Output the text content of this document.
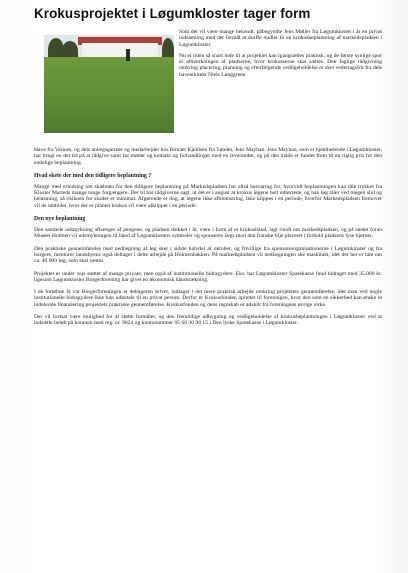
Krokusprojektet i Løgumkloster tager form

Som det vil være mange bekendt, påbegyndte Jens Møller fra Løgumkloster i år en privat indsamling med det formål at skaffe midler til en krokusbeplantning af markedspladsen i Løgumkloster.

Nu er tiden så snart inde til at projektet kan igangsættes praktisk, og de første synlige spor er afmærkningen af pladserne, hvor krokusserne skal sættes. Den faglige rådgivning omkring placering, planning og efterfølgende vedligeholdelse er sket vederlagsfrit fra dels havearkitekt Niels Lønggreen

Have fra Varnæs, og dels anlægsgartner og medarbejder hos firmaet Kjeldsen fra Tønder, Jens Mayhan. Jens Mayhan, som er hjemhørende i Løgumkloster, har brugt en del tid på at rådgive samt for møder og kontakt og forhandlinger med en leverandør, og på den måde er fundet frem til en rigtig pris for den endelige beplantning.

Hvad skete der med den tidligere beplantning ?

Mange med erindring om skæbnen for den tidligere beplantning på Markedspladsen har altså besvaring for, hvorvidt beplantningen kan tåle trykket fra Kloster Marteds mange tunge forgængere. Der til har rådgiverne sagt, at det er i august at krokus løgene helt udtørrede, og han løg tåler ved megen slid og belastning, så risikoen for skader er minimal. Afgørende er dog, at løgene ikke afblomstring, ikke klippes i en periode, hvorfor Markedspladsen fremover vil de ombidet, hvor der er plantet krokus vil være afklippet i en periode.

Den nye beplantning

Den samlede udsmykning afhænger af pengene, og pladsen dækket i år, være i form af et krokusbånd, lagt rundt om markedspladsen, og på stedet foran Museet Holmen vil udsmykningen til bånd af Løgumklosters symboler og sponseres lægs mod den franske lilje placeret i forhold pladsens lyse hjørner.

Den praktiske gennemførelse med nedlægning af løg sker i sidste halvdel af oktober, og frivillige fra sponsoreorganisationerne i Løgumkloster og fra borgere, mentorer landsbyens også deltager i dette arbejde på Holmenbakken. På markedspladsen vil nedlægningen ske maskinelt, idet der her er tale om ca. 40.000 løg, som skal sættes.

Projektet er under vejs støttet af mange private, men også af institutionelle bidragydere. Eks. har Løgumkloster Sparekasse fund bidraget med 35.000 kr. ligesom Løgumkloster Borgerforening har givet en økonomisk håndsrækning.

I de forløbne år var Borgerforeningen et deltageren selvet, indtager i det mere praktisk arbejde omkring projektets gennemførelse, idet man ved nogle institutionelle bidragydere ikke kan udbetale til en privat person. Derfor er Krokusfonden oprettet til foreningen, hvor den som en sikkerhed kan ønske et indeholde finansiering projektets praktiske gennemførelse. Krokusfonden og dens regnskab er adskilt fra foreningens øvrige virke.

Der vil fortsat være mulighed for at støtte formålet, og den fremtidige udbygning og vedligeholdelse af krokusbeplantningen i Løgumkloster ved at indsætte beløb på kontoen med reg. nr. 9624 og kontonummer 05 60 30 98 15 i Den lyske Sparekasse i Løgumkloster.
